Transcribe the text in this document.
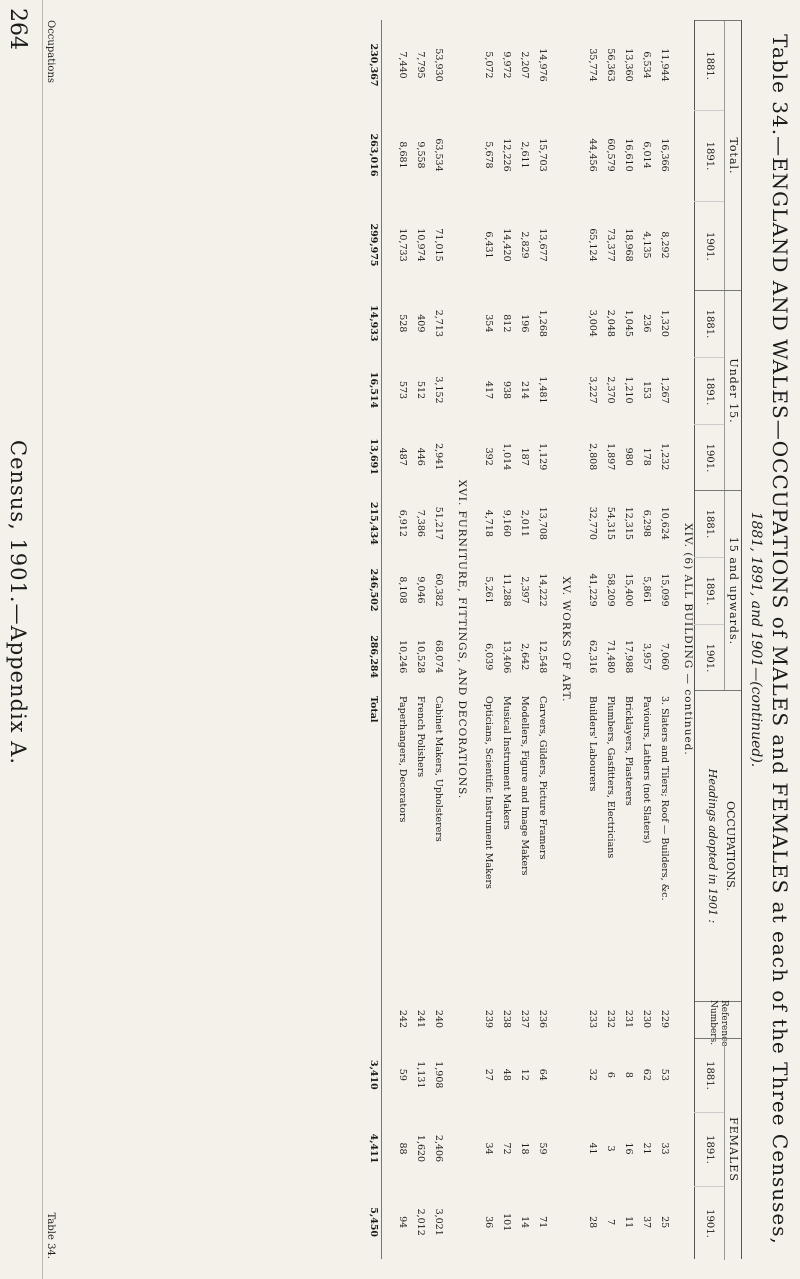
264
Census, 1901.—Appendix A.	Table 34.—ENGLAND AND WALES—OCCUPATIONS of MALES and FEMALES at each of the Three Censuses,
1881, 1891, and 1901—(continued).
Total.
1881.
1891.
1901.
Under 15.
1881.
1891.
1901.
15 and upwards.
1881.
1891.
1901.
OCCUPATIONS.
Headings adopted in 1901 :
Reference Numbers.
FEMALES
1881.
1891.
1901.
XIV. (6) ALL BUILDING — continued.
11,944
16,366
8,292
1,320
1,267
1,232
10,624
15,099
7,060
3. Slaters and Tilers; Roof — Builders, &c.
229
53
33
25
6,534
6,014
4,135
236
153
178
6,298
5,861
3,957
Paviours, Lathers (not Slaters)
230
62
21
37
13,360
16,610
18,968
1,045
1,210
980
12,315
15,400
17,988
Bricklayers, Plasterers
231
8
16
11
56,363
60,579
73,377
2,048
2,370
1,897
54,315
58,209
71,480
Plumbers, Gasfitters, Electricians
232
6
3
7
35,774
44,456
65,124
3,004
3,227
2,808
32,770
41,229
62,316
Builders' Labourers
233
32
41
28
XV. WORKS OF ART.
14,976
15,703
13,677
1,268
1,481
1,129
13,708
14,222
12,548
Carvers, Gilders, Picture Framers
236
64
59
71
2,207
2,611
2,829
196
214
187
2,011
2,397
2,642
Modellers, Figure and Image Makers
237
12
18
14
9,972
12,226
14,420
812
938
1,014
9,160
11,288
13,406
Musical Instrument Makers
238
48
72
101
5,072
5,678
6,431
354
417
392
4,718
5,261
6,039
Opticians, Scientific Instrument Makers
239
27
34
36
XVI. FURNITURE, FITTINGS, AND DECORATIONS.
53,930
63,534
71,015
2,713
3,152
2,941
51,217
60,382
68,074
Cabinet Makers, Upholsterers
240
1,908
2,406
3,021
7,795
9,558
10,974
409
512
446
7,386
9,046
10,528
French Polishers
241
1,131
1,620
2,012
7,440
8,681
10,733
528
573
487
6,912
8,108
10,246
Paperhangers, Decorators
242
59
88
94
230,367
263,016
299,975
14,933
16,514
13,691
215,434
246,502
286,284
Total
3,410
4,411
5,450
Occupations
Table 34.
